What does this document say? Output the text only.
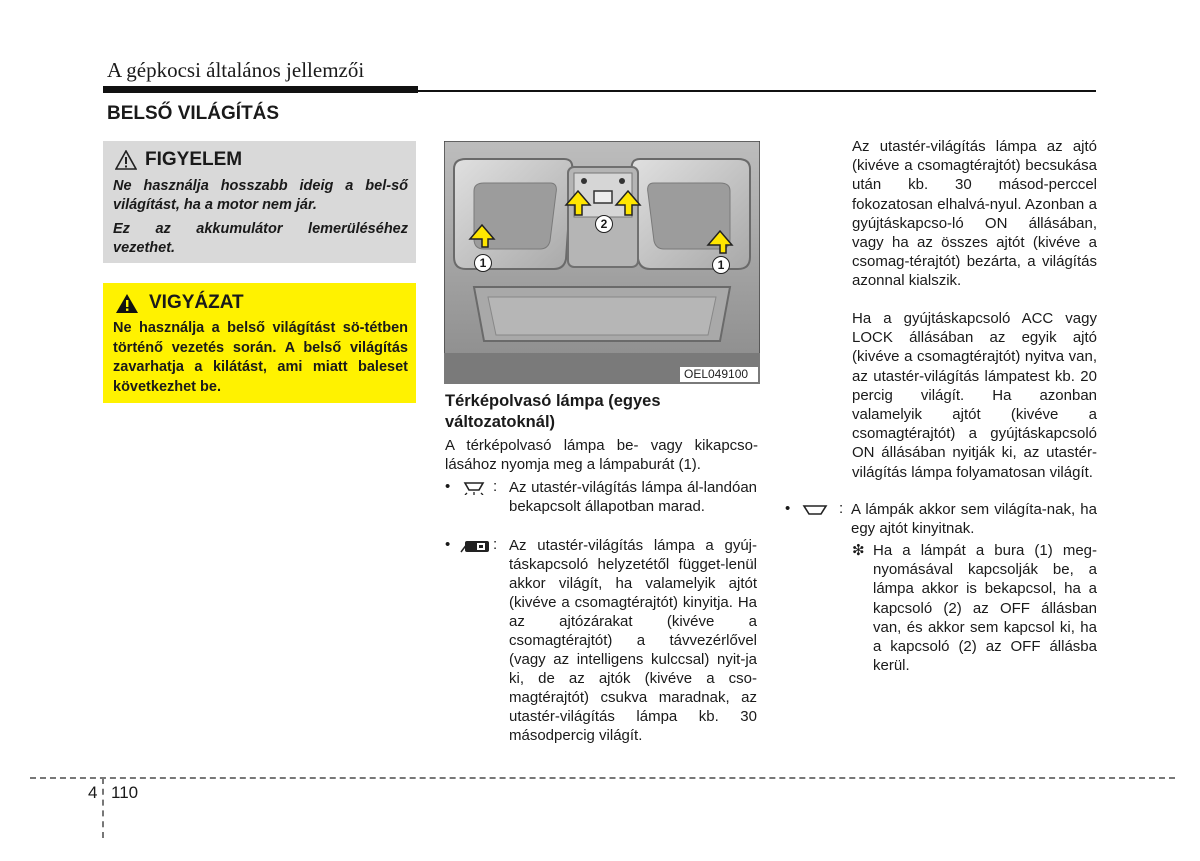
A gépkocsi általános jellemzői
BELSŐ VILÁGÍTÁS
FIGYELEM
Ne használja hosszabb ideig a bel-ső világítást, ha a motor nem jár.
Ez az akkumulátor lemerüléséhez vezethet.
VIGYÁZAT
Ne használja a belső világítást sö-tétben történő vezetés során. A belső világítás zavarhatja a kilátást, ami miatt baleset következhet be.
1	1
2
OEL049100
Térképolvasó lámpa (egyes változatoknál)
A térképolvasó lámpa be- vagy kikapcso-lásához nyomja meg a lámpaburát (1).
•	: Az utastér-világítás lámpa ál-landóan bekapcsolt állapotban marad.
•	: Az utastér-világítás lámpa a gyúj-táskapcsoló helyzetétől függet-lenül akkor világít, ha valamelyik ajtót (kivéve a csomagtérajtót) kinyitja. Ha az ajtózárakat (kivéve a csomagtérajtót) a távvezérlővel (vagy az intelligens kulccsal) nyit-ja ki, de az ajtók (kivéve a cso-magtérajtót) csukva maradnak, az utastér-világítás lámpa kb. 30 másodpercig világít.
Az utastér-világítás lámpa az ajtó (kivéve a csomagtérajtót) becsukása után kb. 30 másod-perccel fokozatosan elhalvá-nyul. Azonban a gyújtáskapcso-ló ON állásában, vagy ha az összes ajtót (kivéve a csomag-térajtót) bezárta, a világítás azonnal kialszik.
Ha a gyújtáskapcsoló ACC vagy LOCK állásában az egyik ajtó (kivéve a csomagtérajtót) nyitva van, az utastér-világítás lámpatest kb. 20 percig világít. Ha azonban valamelyik ajtót (kivéve a csomagtérajtót) a gyújtáskapcsoló ON állásában nyitják ki, az utastér-világítás lámpa folyamatosan világít.
•	: A lámpák akkor sem világíta-nak, ha egy ajtót kinyitnak.
❇ Ha a lámpát a bura (1) meg-nyomásával kapcsolják be, a lámpa akkor is bekapcsol, ha a kapcsoló (2) az OFF állásban van, és akkor sem kapcsol ki, ha a kapcsoló (2) az OFF állásba kerül.
4 110
